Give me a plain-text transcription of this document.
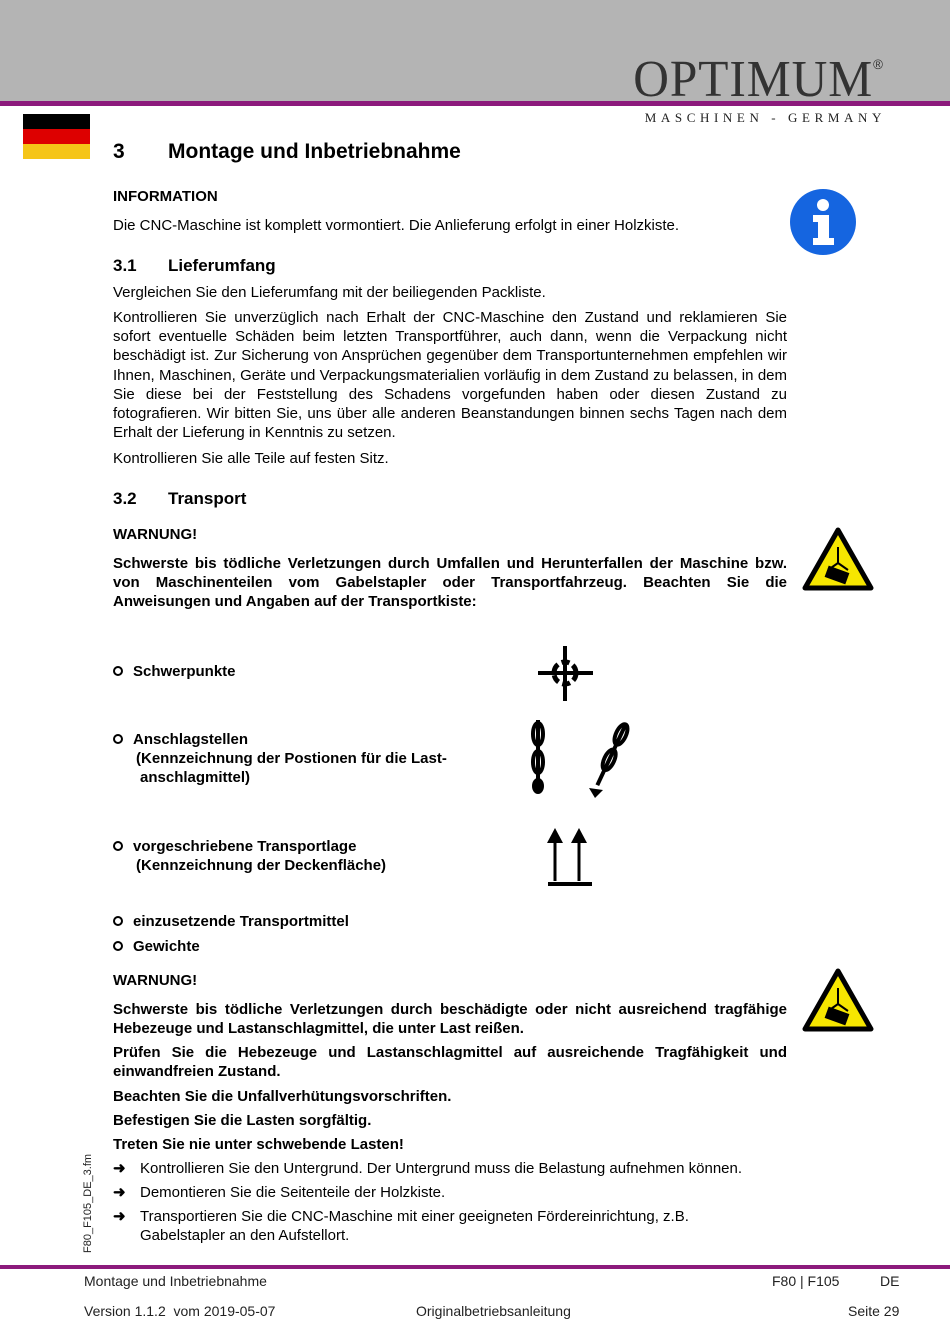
OPTIMUM®
MASCHINEN - GERMANY
3 Montage und Inbetriebnahme
INFORMATION
Die CNC-Maschine ist komplett vormontiert. Die Anlieferung erfolgt in einer Holzkiste.
3.1 Lieferumfang
Vergleichen Sie den Lieferumfang mit der beiliegenden Packliste.
Kontrollieren Sie unverzüglich nach Erhalt der CNC-Maschine den Zustand und reklamieren Sie sofort eventuelle Schäden beim letzten Transportführer, auch dann, wenn die Verpackung nicht beschädigt ist. Zur Sicherung von Ansprüchen gegenüber dem Transportunternehmen empfehlen wir Ihnen, Maschinen, Geräte und Verpackungsmaterialien vorläufig in dem Zustand zu belassen, in dem Sie diese bei der Feststellung des Schadens vorgefunden haben oder diesen Zustand zu fotografieren. Wir bitten Sie, uns über alle anderen Beanstandungen binnen sechs Tagen nach dem Erhalt der Lieferung in Kenntnis zu setzen.
Kontrollieren Sie alle Teile auf festen Sitz.
3.2 Transport
WARNUNG!
Schwerste bis tödliche Verletzungen durch Umfallen und Herunterfallen der Maschine bzw. von Maschinenteilen vom Gabelstapler oder Transportfahrzeug. Beachten Sie die Anweisungen und Angaben auf der Transportkiste:
Schwerpunkte
Anschlagstellen
(Kennzeichnung der Postionen für die Last-
anschlagmittel)
vorgeschriebene Transportlage
(Kennzeichnung der Deckenfläche)
einzusetzende Transportmittel
Gewichte
WARNUNG!
Schwerste bis tödliche Verletzungen durch beschädigte oder nicht ausreichend tragfähige Hebezeuge und Lastanschlagmittel, die unter Last reißen.
Prüfen Sie die Hebezeuge und Lastanschlagmittel auf ausreichende Tragfähigkeit und einwandfreien Zustand.
Beachten Sie die Unfallverhütungsvorschriften.
Befestigen Sie die Lasten sorgfältig.
Treten Sie nie unter schwebende Lasten!
➜ Kontrollieren Sie den Untergrund. Der Untergrund muss die Belastung aufnehmen können.
➜ Demontieren Sie die Seitenteile der Holzkiste.
➜ Transportieren Sie die CNC-Maschine mit einer geeigneten Fördereinrichtung, z.B. Gabelstapler an den Aufstellort.
F80_F105_DE_3.fm
Montage und Inbetriebnahme	F80 | F105	DE
Version 1.1.2  vom 2019-05-07	Originalbetriebsanleitung	Seite 29
